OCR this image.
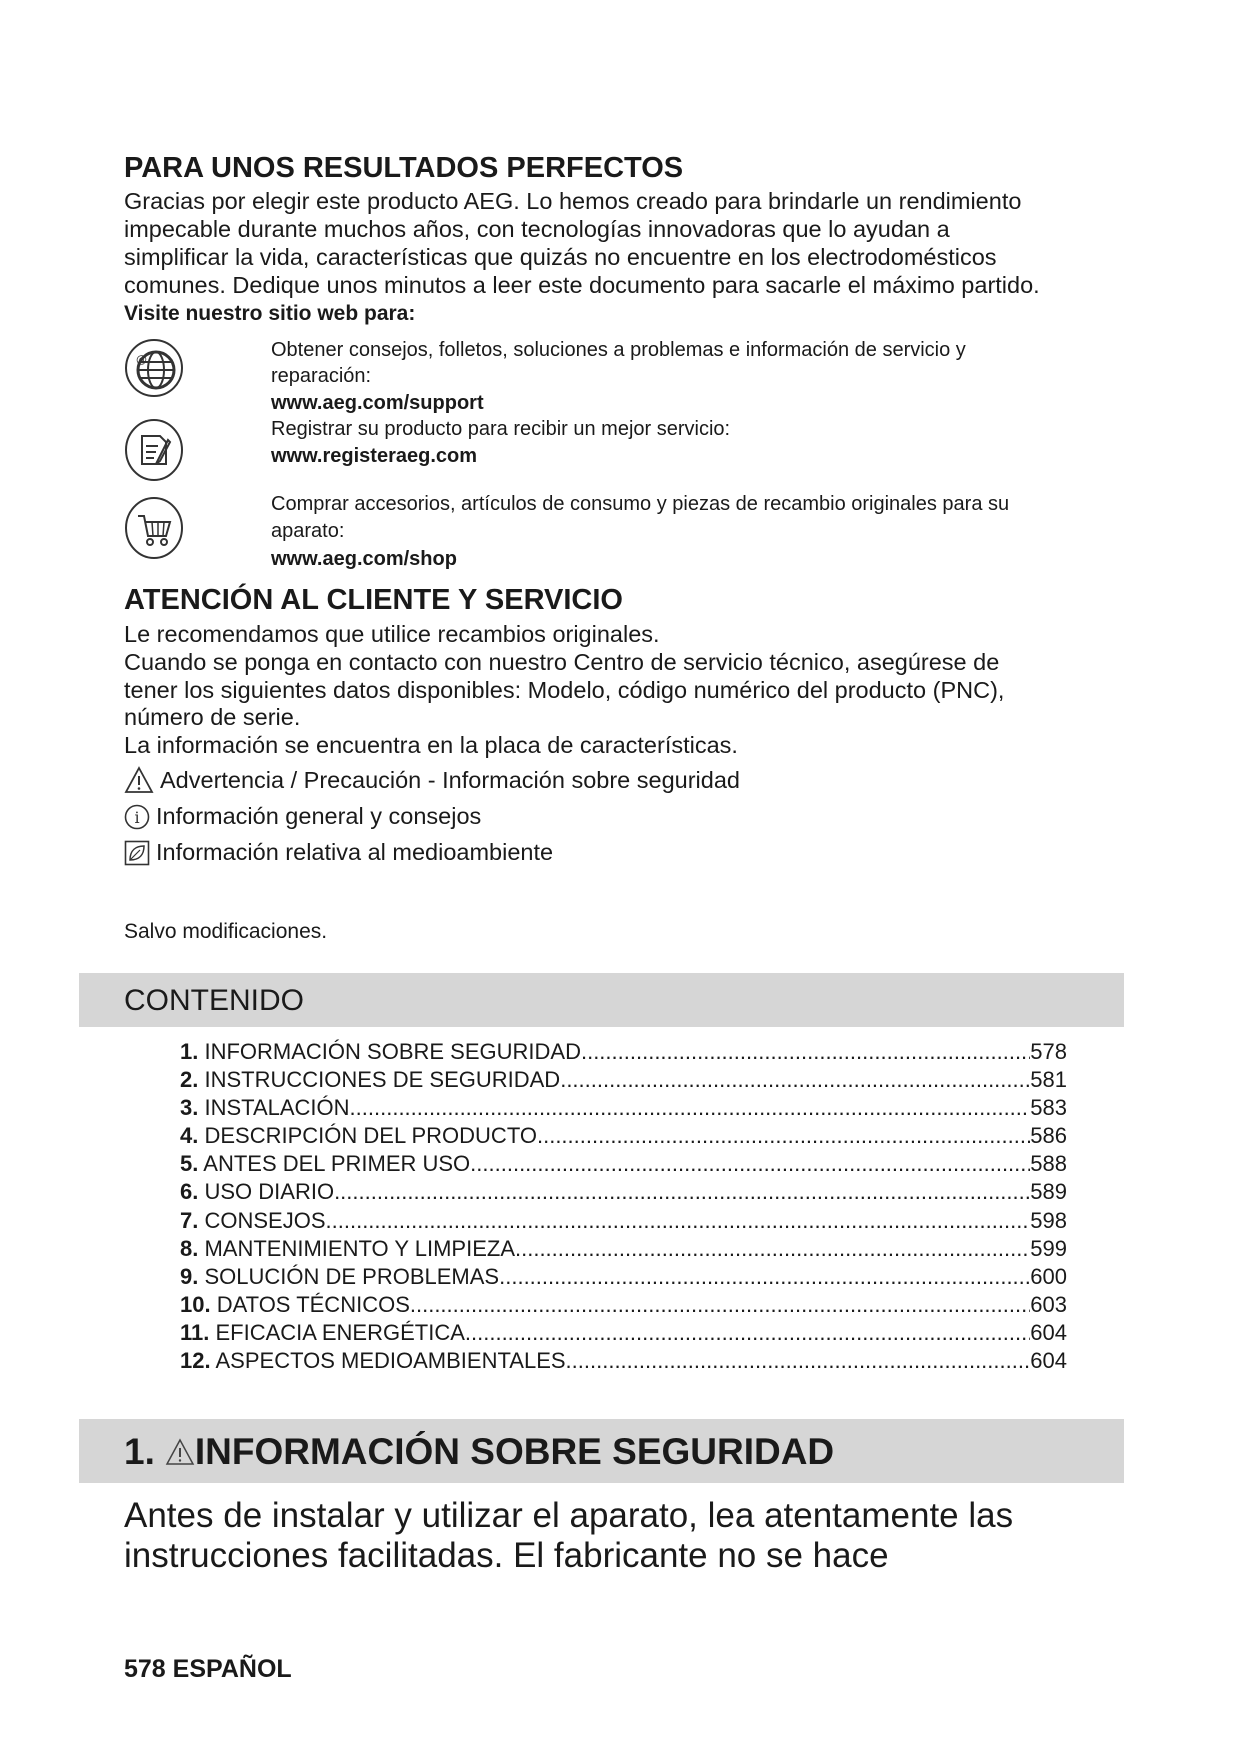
PARA UNOS RESULTADOS PERFECTOS
Gracias por elegir este producto AEG. Lo hemos creado para brindarle un rendimiento
impecable durante muchos años, con tecnologías innovadoras que lo ayudan a
simplificar la vida, características que quizás no encuentre en los electrodomésticos
comunes. Dedique unos minutos a leer este documento para sacarle el máximo partido.
Visite nuestro sitio web para:
@	Obtener consejos, folletos, soluciones a problemas e información de servicio y
reparación:
www.aeg.com/support
Registrar su producto para recibir un mejor servicio:
www.registeraeg.com
Comprar accesorios, artículos de consumo y piezas de recambio originales para su
aparato:
www.aeg.com/shop
ATENCIÓN AL CLIENTE Y SERVICIO
Le recomendamos que utilice recambios originales.
Cuando se ponga en contacto con nuestro Centro de servicio técnico, asegúrese de
tener los siguientes datos disponibles: Modelo, código numérico del producto (PNC),
número de serie.
La información se encuentra en la placa de características.
Advertencia / Precaución - Información sobre seguridad
i Información general y consejos
Información relativa al medioambiente
Salvo modificaciones.
CONTENIDO
1. INFORMACIÓN SOBRE SEGURIDAD .....	578
2. INSTRUCCIONES DE SEGURIDAD .....	581
3. INSTALACIÓN .....	583
4. DESCRIPCIÓN DEL PRODUCTO .....	586
5. ANTES DEL PRIMER USO .....	588
6. USO DIARIO .....	589
7. CONSEJOS .....	598
8. MANTENIMIENTO Y LIMPIEZA .....	599
9. SOLUCIÓN DE PROBLEMAS .....	600
10. DATOS TÉCNICOS .....	603
11. EFICACIA ENERGÉTICA .....	604
12. ASPECTOS MEDIOAMBIENTALES .....	604
1. INFORMACIÓN SOBRE SEGURIDAD
Antes de instalar y utilizar el aparato, lea atentamente las
instrucciones facilitadas. El fabricante no se hace
578 ESPAÑOL
